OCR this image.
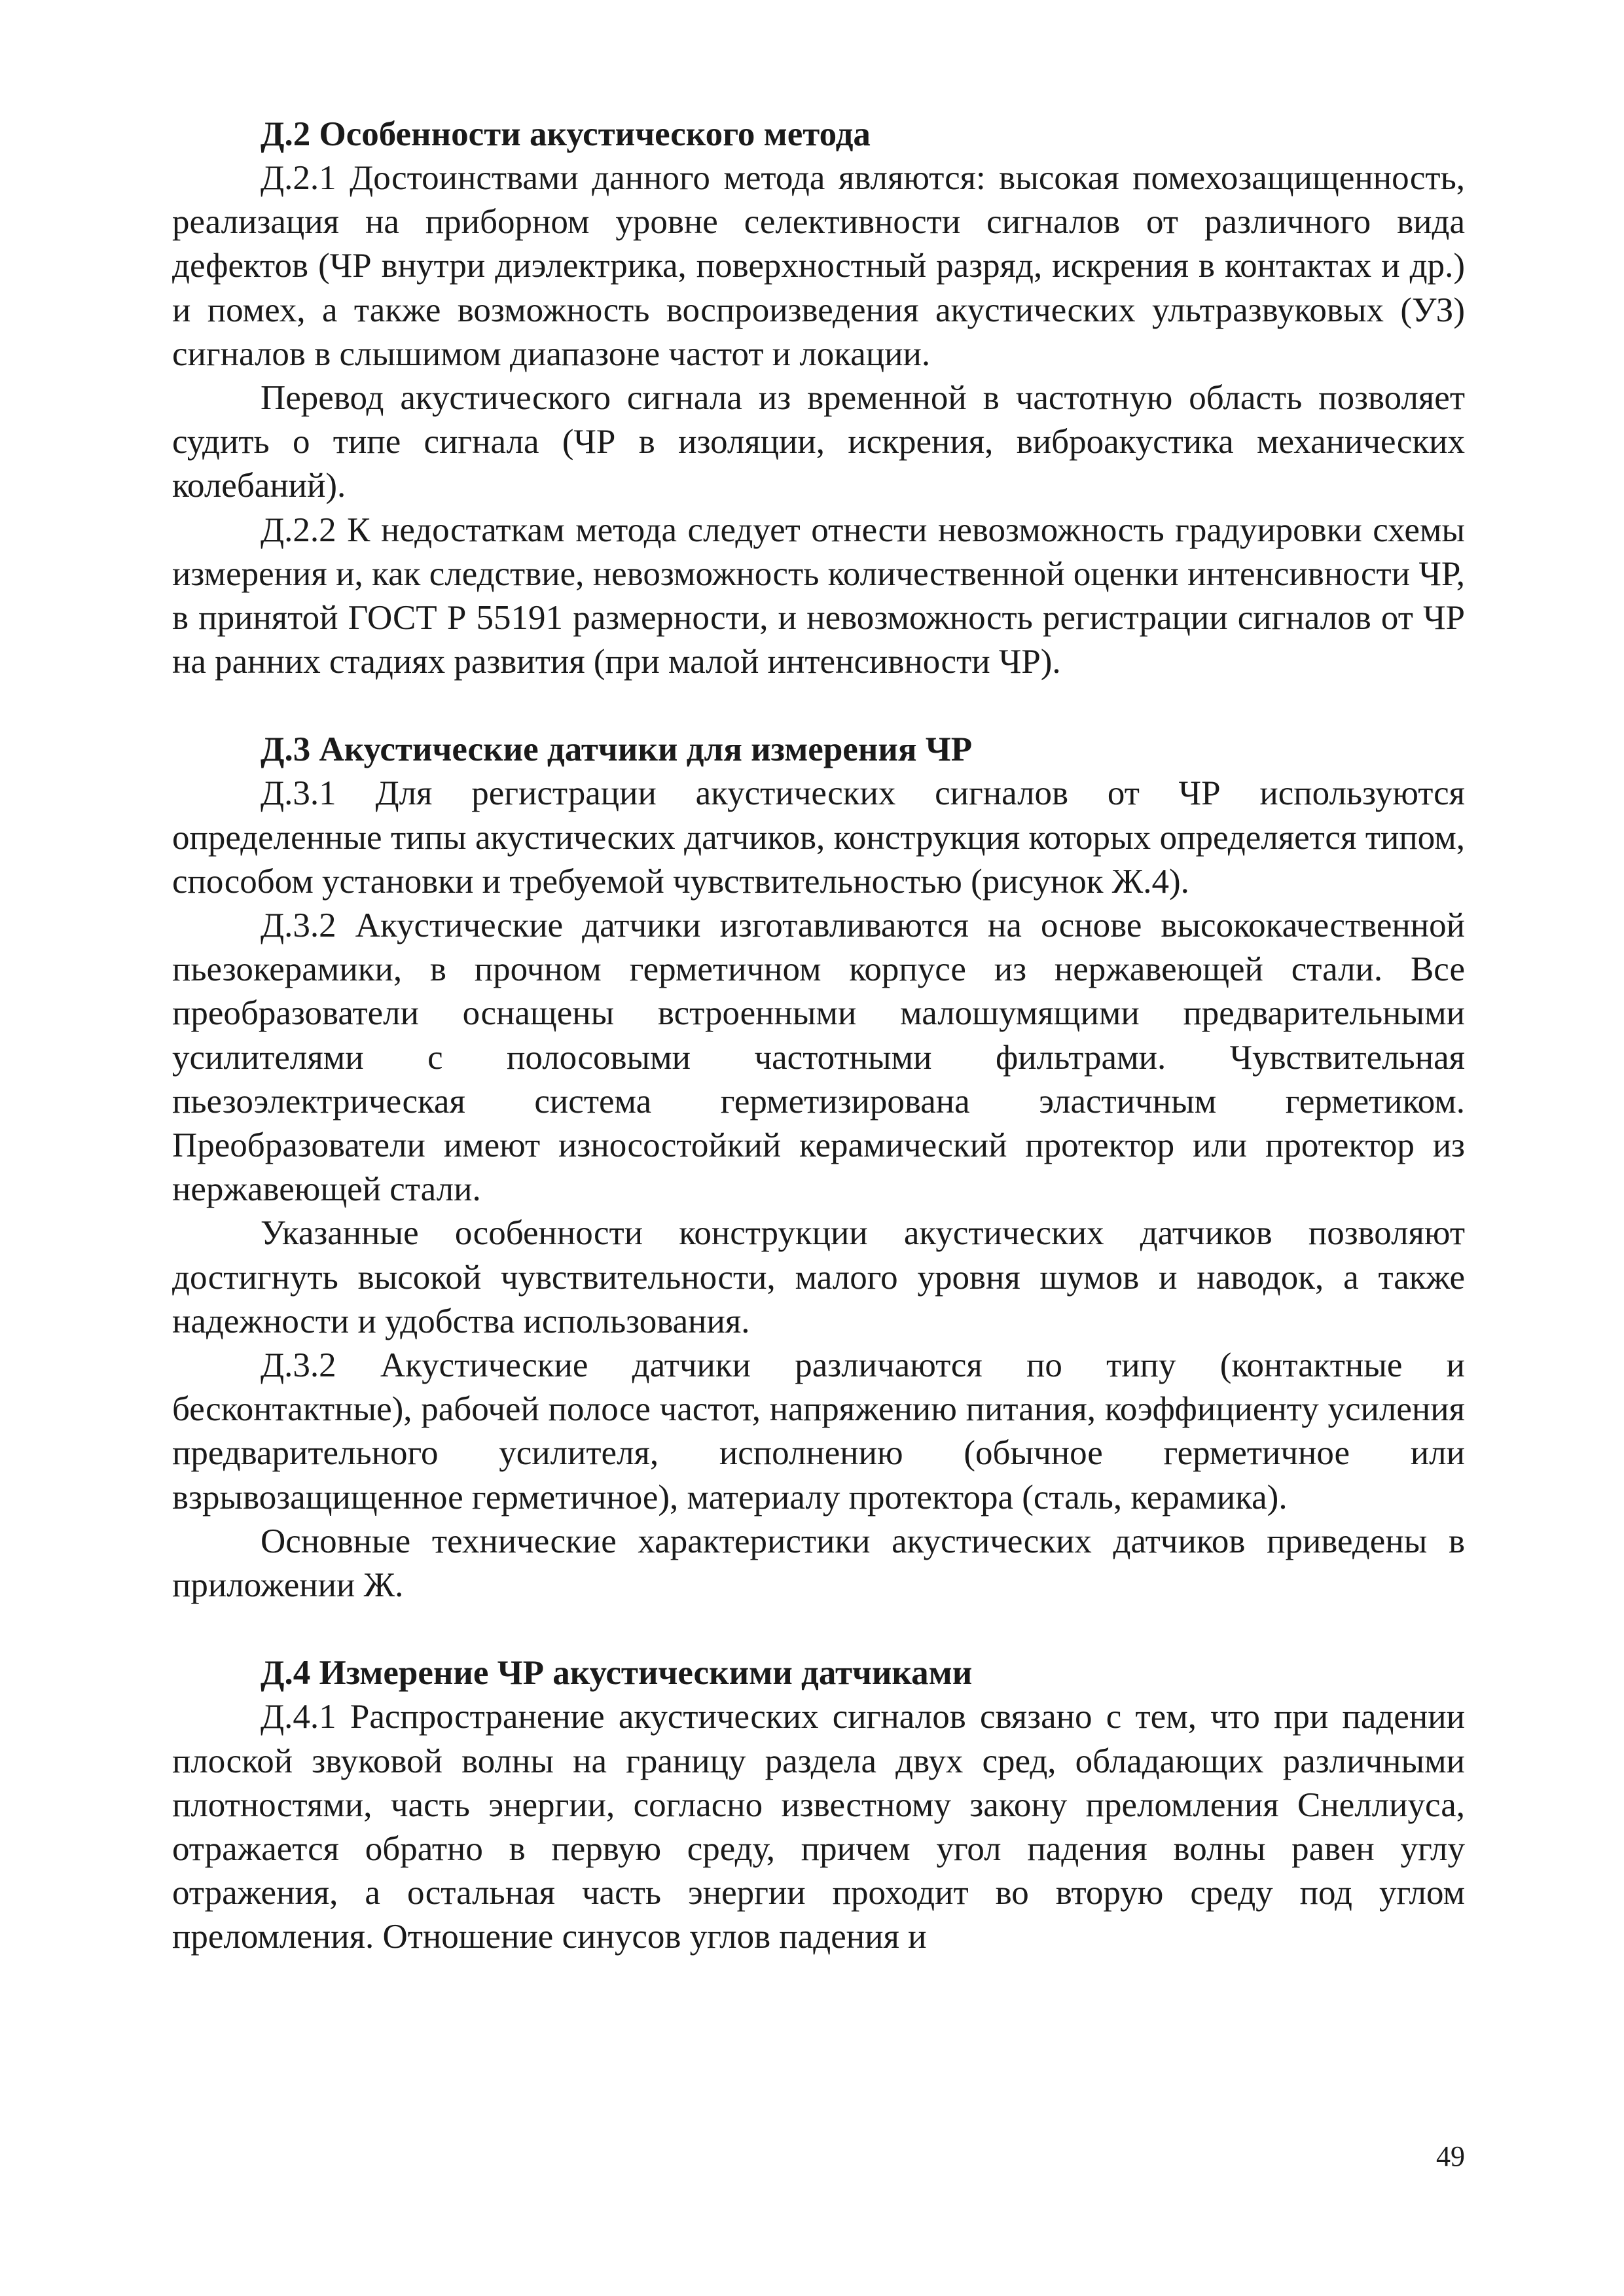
Д.2 Особенности акустического метода

Д.2.1 Достоинствами данного метода являются: высокая помехозащищенность, реализация на приборном уровне селективности сигналов от различного вида дефектов (ЧР внутри диэлектрика, поверхностный разряд, искрения в контактах и др.) и помех, а также возможность воспроизведения акустических ультразвуковых (УЗ) сигналов в слышимом диапазоне частот и локации.

Перевод акустического сигнала из временной в частотную область позволяет судить о типе сигнала (ЧР в изоляции, искрения, виброакустика механических колебаний).

Д.2.2 К недостаткам метода следует отнести невозможность градуировки схемы измерения и, как следствие, невозможность количественной оценки интенсивности ЧР, в принятой ГОСТ Р 55191 размерности, и невозможность регистрации сигналов от ЧР на ранних стадиях развития (при малой интенсивности ЧР).

Д.3 Акустические датчики для измерения ЧР

Д.3.1 Для регистрации акустических сигналов от ЧР используются определенные типы акустических датчиков, конструкция которых определяется типом, способом установки и требуемой чувствительностью (рисунок Ж.4).

Д.3.2 Акустические датчики изготавливаются на основе высококачественной пьезокерамики, в прочном герметичном корпусе из нержавеющей стали. Все преобразователи оснащены встроенными малошумящими предварительными усилителями с полосовыми частотными фильтрами. Чувствительная пьезоэлектрическая система герметизирована эластичным герметиком. Преобразователи имеют износостойкий керамический протектор или протектор из нержавеющей стали.

Указанные особенности конструкции акустических датчиков позволяют достигнуть высокой чувствительности, малого уровня шумов и наводок, а также надежности и удобства использования.

Д.3.2 Акустические датчики различаются по типу (контактные и бесконтактные), рабочей полосе частот, напряжению питания, коэффициенту усиления предварительного усилителя, исполнению (обычное герметичное или взрывозащищенное герметичное), материалу протектора (сталь, керамика).

Основные технические характеристики акустических датчиков приведены в приложении Ж.

Д.4 Измерение ЧР акустическими датчиками

Д.4.1 Распространение акустических сигналов связано с тем, что при падении плоской звуковой волны на границу раздела двух сред, обладающих различными плотностями, часть энергии, согласно известному закону преломления Снеллиуса, отражается обратно в первую среду, причем угол падения волны равен углу отражения, а остальная часть энергии проходит во вторую среду под углом преломления. Отношение синусов углов падения и

49
